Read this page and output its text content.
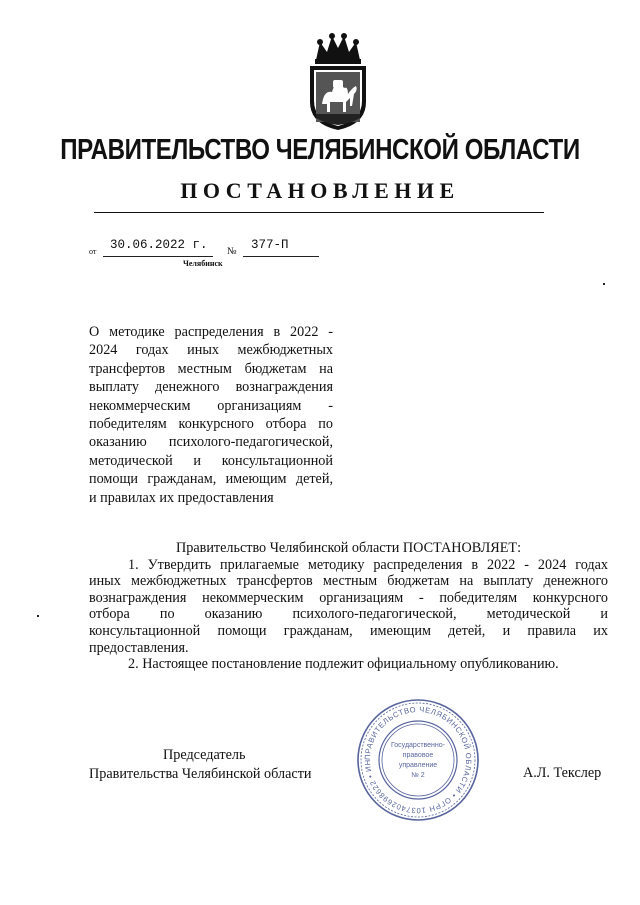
ПРАВИТЕЛЬСТВО ЧЕЛЯБИНСКОЙ ОБЛАСТИ
ПОСТАНОВЛЕНИЕ
от 30.06.2022 г. № 377-П
Челябинск
О методике распределения в 2022 -
2024 годах иных межбюджетных
трансфертов местным бюджетам на
выплату денежного вознаграждения
некоммерческим организациям -
победителям конкурсного отбора по
оказанию психолого-педагогической,
методической и консультационной
помощи гражданам, имеющим детей,
и правилах их предоставления
Правительство Челябинской области ПОСТАНОВЛЯЕТ:
1. Утвердить прилагаемые методику распределения в 2022 - 2024 годах
иных межбюджетных трансфертов местным бюджетам на выплату денежного
вознаграждения некоммерческим организациям - победителям конкурсного
отбора по оказанию психолого-педагогической, методической и
консультационной помощи гражданам, имеющим детей, и правила их
предоставления.
2. Настоящее постановление подлежит официальному опубликованию.
Председатель
Правительства Челябинской области	А.Л. Текслер
ПРАВИТЕЛЬСТВО ЧЕЛЯБИНСКОЙ ОБЛАСТИ • ОГРН 1037402698622 • ИН
Государственно-
правовое
управление
№ 2
